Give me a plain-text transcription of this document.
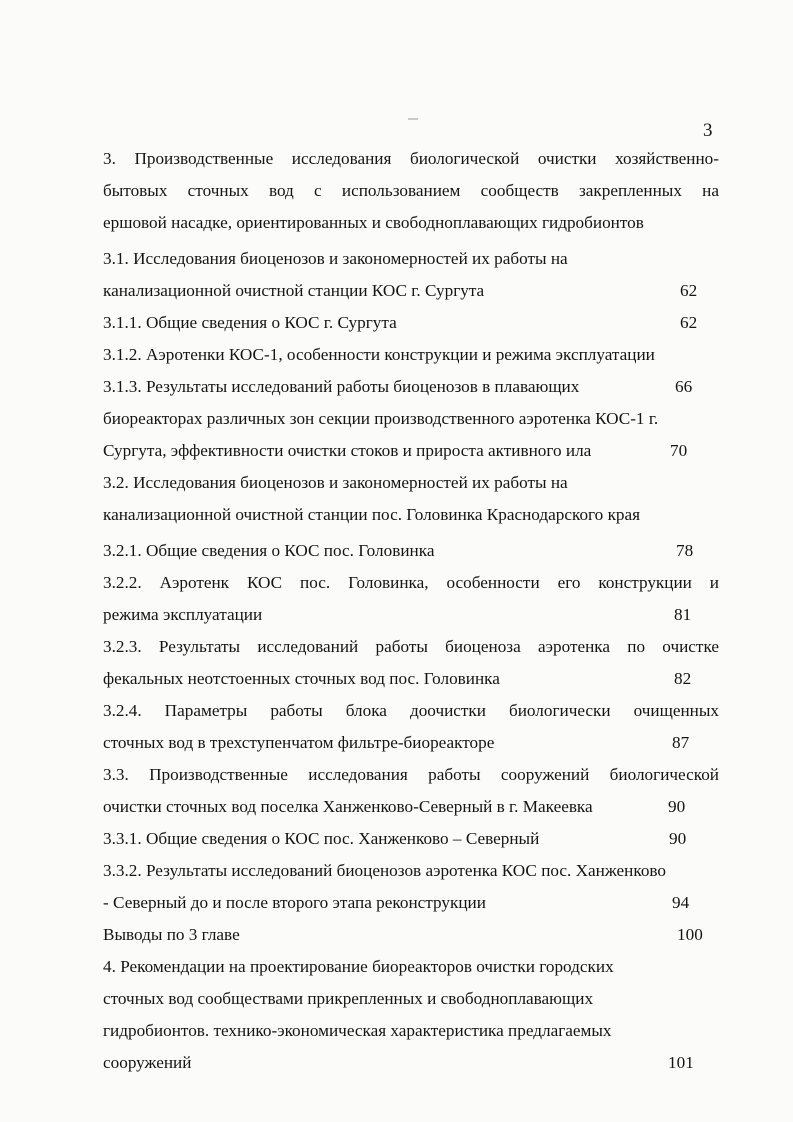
3
3. Производственные исследования биологической очистки хозяйственно-
бытовых сточных вод с использованием сообществ закрепленных на
ершовой насадке, ориентированных и свободноплавающих гидробионтов
3.1. Исследования биоценозов и закономерностей их работы на
канализационной очистной станции КОС г. Сургута	62
3.1.1. Общие сведения о КОС г. Сургута	62
3.1.2. Аэротенки КОС-1, особенности конструкции и режима эксплуатации
3.1.3. Результаты исследований работы биоценозов в плавающих	66
биореакторах различных зон секции производственного аэротенка КОС-1 г.
Сургута, эффективности очистки стоков и прироста активного ила	70
3.2. Исследования биоценозов и закономерностей их работы на
канализационной очистной станции пос. Головинка Краснодарского края
3.2.1. Общие сведения о КОС пос. Головинка	78
3.2.2. Аэротенк КОС пос. Головинка, особенности его конструкции и
режима эксплуатации	81
3.2.3. Результаты исследований работы биоценоза аэротенка по очистке
фекальных неотстоенных сточных вод пос. Головинка	82
3.2.4. Параметры работы блока доочистки биологически очищенных
сточных вод в трехступенчатом фильтре-биореакторе	87
3.3. Производственные исследования работы сооружений биологической
очистки сточных вод поселка Ханженково-Северный в г. Макеевка	90
3.3.1. Общие сведения о КОС пос. Ханженково – Северный	90
3.3.2. Результаты исследований биоценозов аэротенка КОС пос. Ханженково
- Северный до и после второго этапа реконструкции	94
Выводы по 3 главе	100
4. Рекомендации на проектирование биореакторов очистки городских
сточных вод сообществами прикрепленных и свободноплавающих
гидробионтов. технико-экономическая характеристика предлагаемых
сооружений	101
